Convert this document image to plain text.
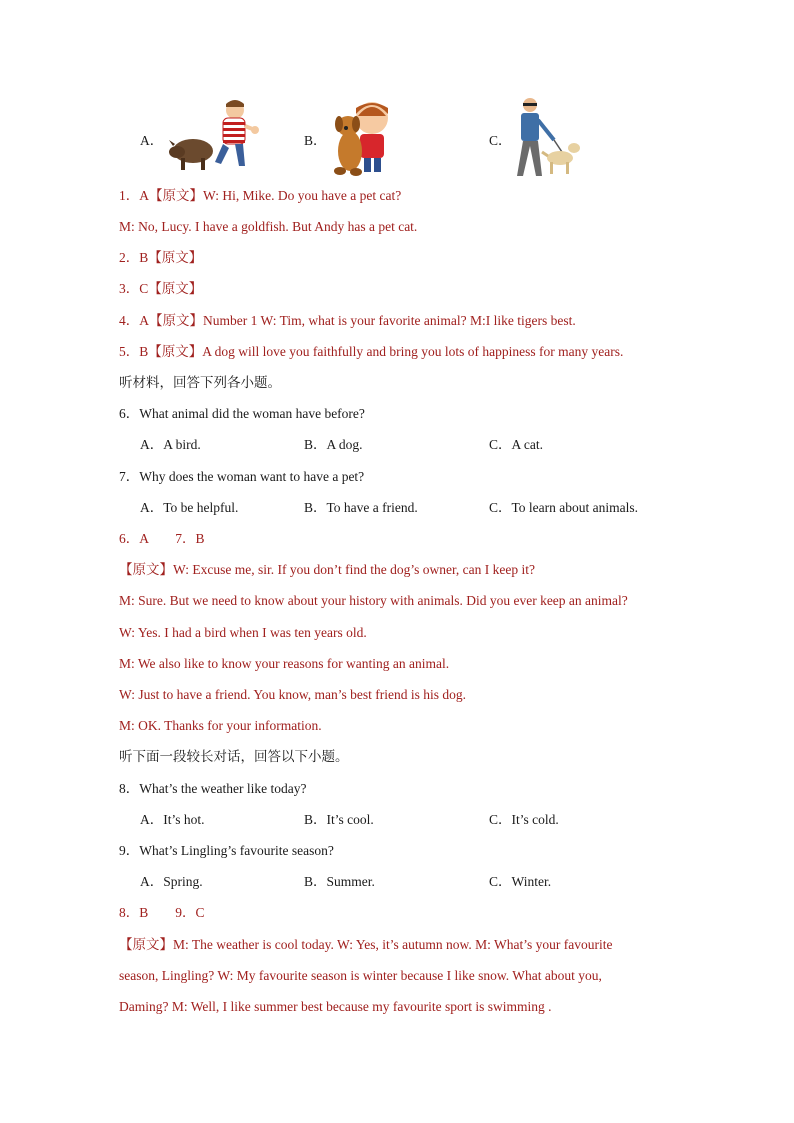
A．	B．	C．
1．A【原文】W: Hi, Mike. Do you have a pet cat?
M: No, Lucy. I have a goldfish. But Andy has a pet cat.
2．B【原文】
3．C【原文】
4．A【原文】Number 1 W: Tim, what is your favorite animal? M:I like tigers best.
5．B【原文】A dog will love you faithfully and bring you lots of happiness for many years.
听材料，回答下列各小题。
6．What animal did the woman have before?
A．A bird.	B．A dog.	C．A cat.
7．Why does the woman want to have a pet?
A．To be helpful.	B．To have a friend.	C．To learn about animals.
6．A　　7．B
【原文】W: Excuse me, sir. If you don’t find the dog’s owner, can I keep it?
M: Sure. But we need to know about your history with animals. Did you ever keep an animal?
W: Yes. I had a bird when I was ten years old.
M: We also like to know your reasons for wanting an animal.
W: Just to have a friend. You know, man’s best friend is his dog.
M: OK. Thanks for your information.
听下面一段较长对话，回答以下小题。
8．What’s the weather like today?
A．It’s hot.	B．It’s cool.	C．It’s cold.
9．What’s Lingling’s favourite season?
A．Spring.	B．Summer.	C．Winter.
8．B　　9．C
【原文】M: The weather is cool today. W: Yes, it’s autumn now. M: What’s your favourite
season, Lingling? W: My favourite season is winter because I like snow. What about you,
Daming? M: Well, I like summer best because my favourite sport is swimming .
